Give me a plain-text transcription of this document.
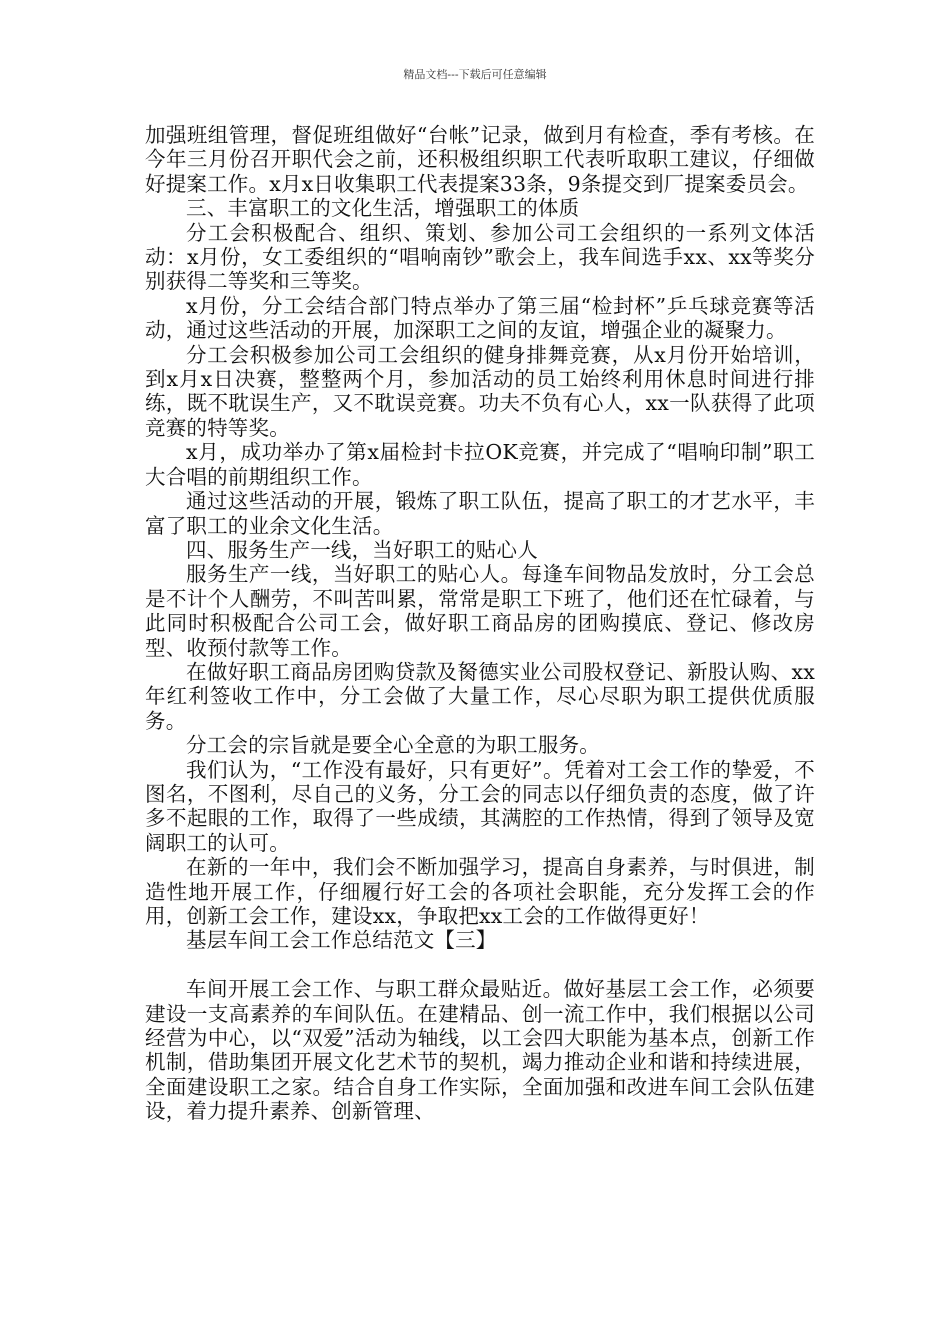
精品文档---下载后可任意编辑

加强班组管理，督促班组做好“台帐”记录，做到月有检查，季有考核。在今年三月份召开职代会之前，还积极组织职工代表听取职工建议，仔细做好提案工作。x月x日收集职工代表提案33条，9条提交到厂提案委员会。

三、丰富职工的文化生活，增强职工的体质

分工会积极配合、组织、策划、参加公司工会组织的一系列文体活动：x月份，女工委组织的“唱响南钞”歌会上，我车间选手xx、xx等奖分别获得二等奖和三等奖。

x月份，分工会结合部门特点举办了第三届“检封杯”乒乓球竞赛等活动，通过这些活动的开展，加深职工之间的友谊，增强企业的凝聚力。

分工会积极参加公司工会组织的健身排舞竞赛，从x月份开始培训，到x月x日决赛，整整两个月，参加活动的员工始终利用休息时间进行排练，既不耽误生产，又不耽误竞赛。功夫不负有心人，xx一队获得了此项竞赛的特等奖。

x月，成功举办了第x届检封卡拉OK竞赛，并完成了“唱响印制”职工大合唱的前期组织工作。

通过这些活动的开展，锻炼了职工队伍，提高了职工的才艺水平，丰富了职工的业余文化生活。

四、服务生产一线，当好职工的贴心人

服务生产一线，当好职工的贴心人。每逢车间物品发放时，分工会总是不计个人酬劳，不叫苦叫累，常常是职工下班了，他们还在忙碌着，与此同时积极配合公司工会，做好职工商品房的团购摸底、登记、修改房型、收预付款等工作。

在做好职工商品房团购贷款及胬德实业公司股权登记、新股认购、xx年红利签收工作中，分工会做了大量工作，尽心尽职为职工提供优质服务。

分工会的宗旨就是要全心全意的为职工服务。

我们认为，“工作没有最好，只有更好”。凭着对工会工作的挚爱，不图名，不图利，尽自己的义务，分工会的同志以仔细负责的态度，做了许多不起眼的工作，取得了一些成绩，其满腔的工作热情，得到了领导及宽阔职工的认可。

在新的一年中，我们会不断加强学习，提高自身素养，与时俱进，制造性地开展工作，仔细履行好工会的各项社会职能，充分发挥工会的作用，创新工会工作，建设xx，争取把xx工会的工作做得更好！

基层车间工会工作总结范文【三】

车间开展工会工作、与职工群众最贴近。做好基层工会工作，必须要建设一支高素养的车间队伍。在建精品、创一流工作中，我们根据以公司经营为中心，以“双爱”活动为轴线，以工会四大职能为基本点，创新工作机制，借助集团开展文化艺术节的契机，竭力推动企业和谐和持续进展，全面建设职工之家。结合自身工作实际，全面加强和改进车间工会队伍建设，着力提升素养、创新管理、
